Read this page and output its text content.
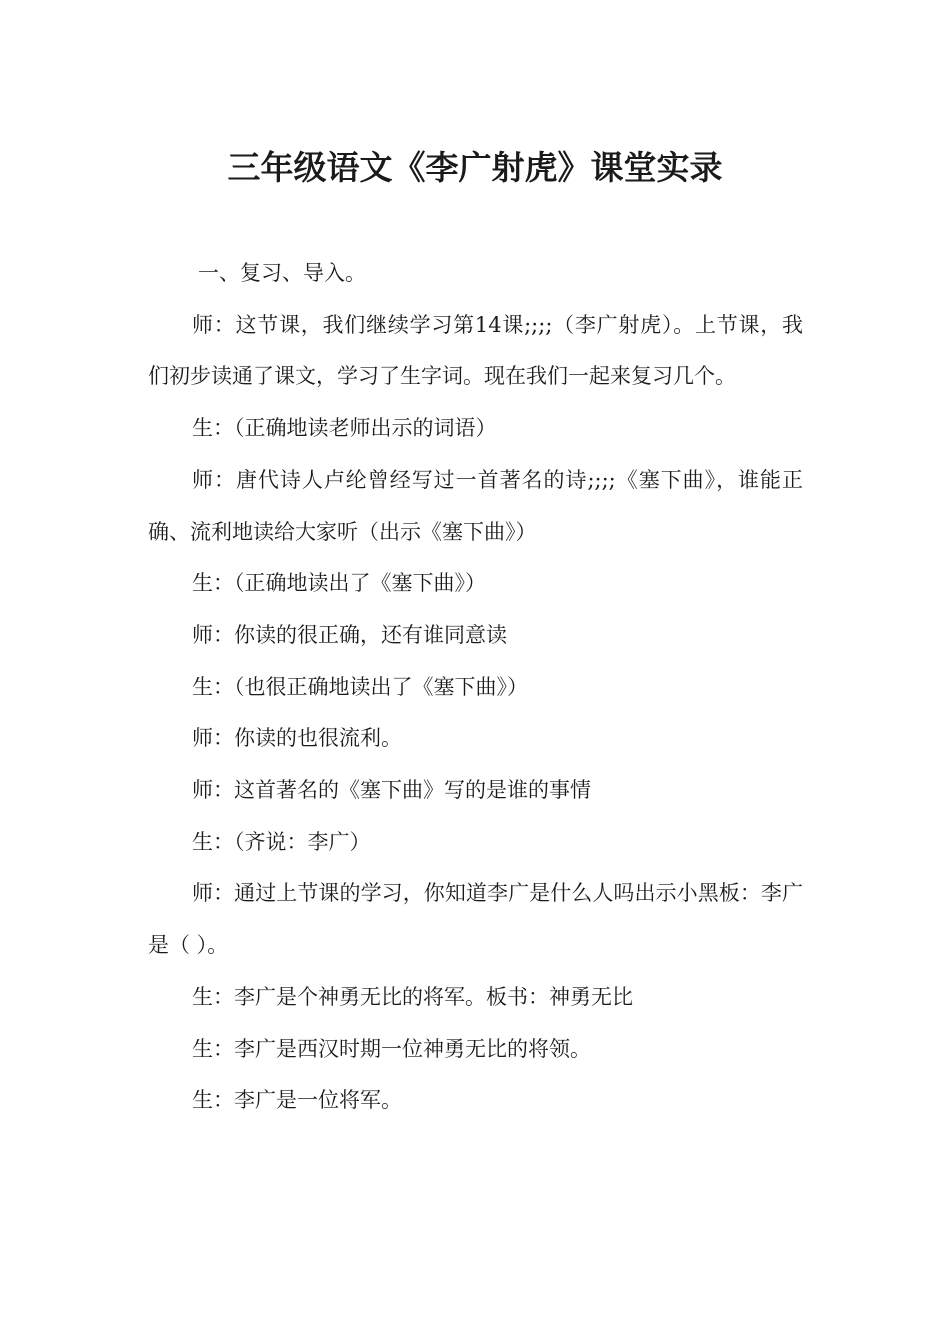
三年级语文《李广射虎》课堂实录

一、复习、导入。

师：这节课，我们继续学习第14课;;;;（李广射虎）。上节课，我们初步读通了课文，学习了生字词。现在我们一起来复习几个。

生：（正确地读老师出示的词语）

师：唐代诗人卢纶曾经写过一首著名的诗;;;;《塞下曲》，谁能正确、流利地读给大家听（出示《塞下曲》）

生：（正确地读出了《塞下曲》）

师：你读的很正确，还有谁同意读

生：（也很正确地读出了《塞下曲》）

师：你读的也很流利。

师：这首著名的《塞下曲》写的是谁的事情

生：（齐说：李广）

师：通过上节课的学习，你知道李广是什么人吗出示小黑板：李广是（ ）。

生：李广是个神勇无比的将军。板书：神勇无比

生：李广是西汉时期一位神勇无比的将领。

生：李广是一位将军。
